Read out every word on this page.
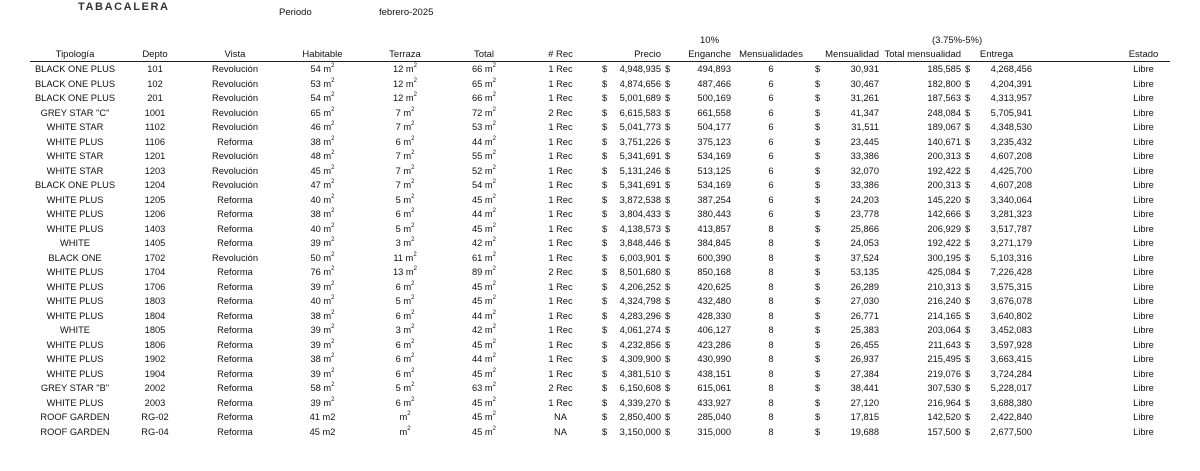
TABACALERA	Periodo	febrero-2025
10%	(3.75%-5%)
Tipología	Depto	Vista	Habitable	Terraza	Total	# Rec	Precio		Enganche		Mensualidades	Mensualidad		Total mensualidad	Entrega			Estado
BLACK ONE PLUS	101	Revolución	54 $m^2$	12 $m^2$	66 $m^2$	1 Rec	$	4,948,935	$	494,893	6	$	30,931	185,585	$	4,268,456		Libre
BLACK ONE PLUS	102	Revolución	53 $m^2$	12 $m^2$	65 $m^2$	1 Rec	$	4,874,656	$	487,466	6	$	30,467	182,800	$	4,204,391		Libre
BLACK ONE PLUS	201	Revolución	54 $m^2$	12 $m^2$	66 $m^2$	1 Rec	$	5,001,689	$	500,169	6	$	31,261	187,563	$	4,313,957		Libre
GREY STAR "C"	1001	Revolución	65 $m^2$	7 $m^2$	72 $m^2$	2 Rec	$	6,615,583	$	661,558	6	$	41,347	248,084	$	5,705,941		Libre
WHITE STAR	1102	Revolución	46 $m^2$	7 $m^2$	53 $m^2$	1 Rec	$	5,041,773	$	504,177	6	$	31,511	189,067	$	4,348,530		Libre
WHITE PLUS	1106	Reforma	38 $m^2$	6 $m^2$	44 $m^2$	1 Rec	$	3,751,226	$	375,123	6	$	23,445	140,671	$	3,235,432		Libre
WHITE STAR	1201	Revolución	48 $m^2$	7 $m^2$	55 $m^2$	1 Rec	$	5,341,691	$	534,169	6	$	33,386	200,313	$	4,607,208		Libre
WHITE STAR	1203	Revolución	45 $m^2$	7 $m^2$	52 $m^2$	1 Rec	$	5,131,246	$	513,125	6	$	32,070	192,422	$	4,425,700		Libre
BLACK ONE PLUS	1204	Revolución	47 $m^2$	7 $m^2$	54 $m^2$	1 Rec	$	5,341,691	$	534,169	6	$	33,386	200,313	$	4,607,208		Libre
WHITE PLUS	1205	Reforma	40 $m^2$	5 $m^2$	45 $m^2$	1 Rec	$	3,872,538	$	387,254	6	$	24,203	145,220	$	3,340,064		Libre
WHITE PLUS	1206	Reforma	38 $m^2$	6 $m^2$	44 $m^2$	1 Rec	$	3,804,433	$	380,443	6	$	23,778	142,666	$	3,281,323		Libre
WHITE PLUS	1403	Reforma	40 $m^2$	5 $m^2$	45 $m^2$	1 Rec	$	4,138,573	$	413,857	8	$	25,866	206,929	$	3,517,787		Libre
WHITE	1405	Reforma	39 $m^2$	3 $m^2$	42 $m^2$	1 Rec	$	3,848,446	$	384,845	8	$	24,053	192,422	$	3,271,179		Libre
BLACK ONE	1702	Revolución	50 $m^2$	11 $m^2$	61 $m^2$	1 Rec	$	6,003,901	$	600,390	8	$	37,524	300,195	$	5,103,316		Libre
WHITE PLUS	1704	Reforma	76 $m^2$	13 $m^2$	89 $m^2$	2 Rec	$	8,501,680	$	850,168	8	$	53,135	425,084	$	7,226,428		Libre
WHITE PLUS	1706	Reforma	39 $m^2$	6 $m^2$	45 $m^2$	1 Rec	$	4,206,252	$	420,625	8	$	26,289	210,313	$	3,575,315		Libre
WHITE PLUS	1803	Reforma	40 $m^2$	5 $m^2$	45 $m^2$	1 Rec	$	4,324,798	$	432,480	8	$	27,030	216,240	$	3,676,078		Libre
WHITE PLUS	1804	Reforma	38 $m^2$	6 $m^2$	44 $m^2$	1 Rec	$	4,283,296	$	428,330	8	$	26,771	214,165	$	3,640,802		Libre
WHITE	1805	Reforma	39 $m^2$	3 $m^2$	42 $m^2$	1 Rec	$	4,061,274	$	406,127	8	$	25,383	203,064	$	3,452,083		Libre
WHITE PLUS	1806	Reforma	39 $m^2$	6 $m^2$	45 $m^2$	1 Rec	$	4,232,856	$	423,286	8	$	26,455	211,643	$	3,597,928		Libre
WHITE PLUS	1902	Reforma	38 $m^2$	6 $m^2$	44 $m^2$	1 Rec	$	4,309,900	$	430,990	8	$	26,937	215,495	$	3,663,415		Libre
WHITE PLUS	1904	Reforma	39 $m^2$	6 $m^2$	45 $m^2$	1 Rec	$	4,381,510	$	438,151	8	$	27,384	219,076	$	3,724,284		Libre
GREY STAR "B"	2002	Reforma	58 $m^2$	5 $m^2$	63 $m^2$	2 Rec	$	6,150,608	$	615,061	8	$	38,441	307,530	$	5,228,017		Libre
WHITE PLUS	2003	Reforma	39 $m^2$	6 $m^2$	45 $m^2$	1 Rec	$	4,339,270	$	433,927	8	$	27,120	216,964	$	3,688,380		Libre
ROOF GARDEN	RG-02	Reforma	41 m2	$m^2$	45 $m^2$	NA	$	2,850,400	$	285,040	8	$	17,815	142,520	$	2,422,840		Libre
ROOF GARDEN	RG-04	Reforma	45 m2	$m^2$	45 $m^2$	NA	$	3,150,000	$	315,000	8	$	19,688	157,500	$	2,677,500		Libre
